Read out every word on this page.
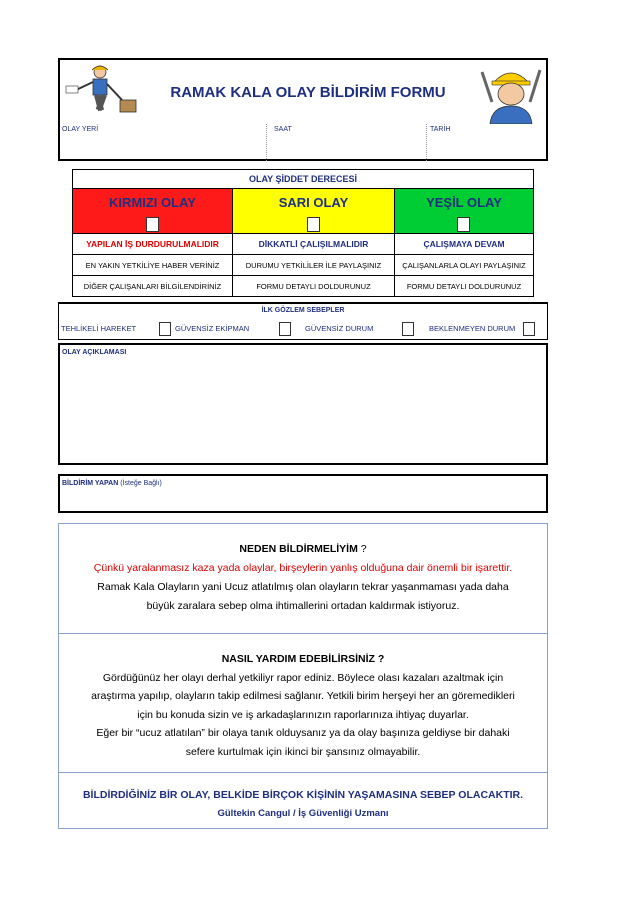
RAMAK KALA OLAY BİLDİRİM FORMU
OLAY YERİ	SAAT	TARİH
OLAY ŞİDDET DERECESİ
KIRMIZI OLAY	SARI OLAY	YEŞİL OLAY
YAPILAN İŞ DURDURULMALIDIR	DİKKATLİ ÇALIŞILMALIDIR	ÇALIŞMAYA DEVAM
EN YAKIN YETKİLİYE HABER VERİNİZ	DURUMU YETKİLİLER İLE PAYLAŞINIZ	ÇALIŞANLARLA OLAYI PAYLAŞINIZ
DİĞER ÇALIŞANLARI BİLGİLENDİRİNİZ	FORMU DETAYLI DOLDURUNUZ	FORMU DETAYLI DOLDURUNUZ
İLK GÖZLEM SEBEPLER
TEHLİKELİ HAREKET	GÜVENSİZ EKİPMAN	GÜVENSİZ DURUM	BEKLENMEYEN DURUM
OLAY AÇIKLAMASI
BİLDİRİM YAPAN (İsteğe Bağlı)
NEDEN BİLDİRMELİYİM ?
Çünkü yaralanmasız kaza yada olaylar, birşeylerin yanlış olduğuna dair önemli bir işarettir.
Ramak Kala Olayların yani Ucuz atlatılmış olan olayların tekrar yaşanmaması yada daha
büyük zaralara sebep olma ihtimallerini ortadan kaldırmak istiyoruz.
NASIL YARDIM EDEBİLİRSİNİZ ?
Gördüğünüz her olayı derhal yetkiliyr rapor ediniz. Böylece olası kazaları azaltmak için
araştırma yapılıp, olayların takip edilmesi sağlanır. Yetkili birim herşeyi her an göremedikleri
için bu konuda sizin ve iş arkadaşlarınızın raporlarınıza ihtiyaç duyarlar.
Eğer bir “ucuz atlatılan” bir olaya tanık olduysanız ya da olay başınıza geldiyse bir dahaki
sefere kurtulmak için ikinci bir şansınız olmayabilir.
BİLDİRDİĞİNİZ BİR OLAY, BELKİDE BİRÇOK KİŞİNİN YAŞAMASINA SEBEP OLACAKTIR.
Gültekin Cangul / İş Güvenliği Uzmanı
